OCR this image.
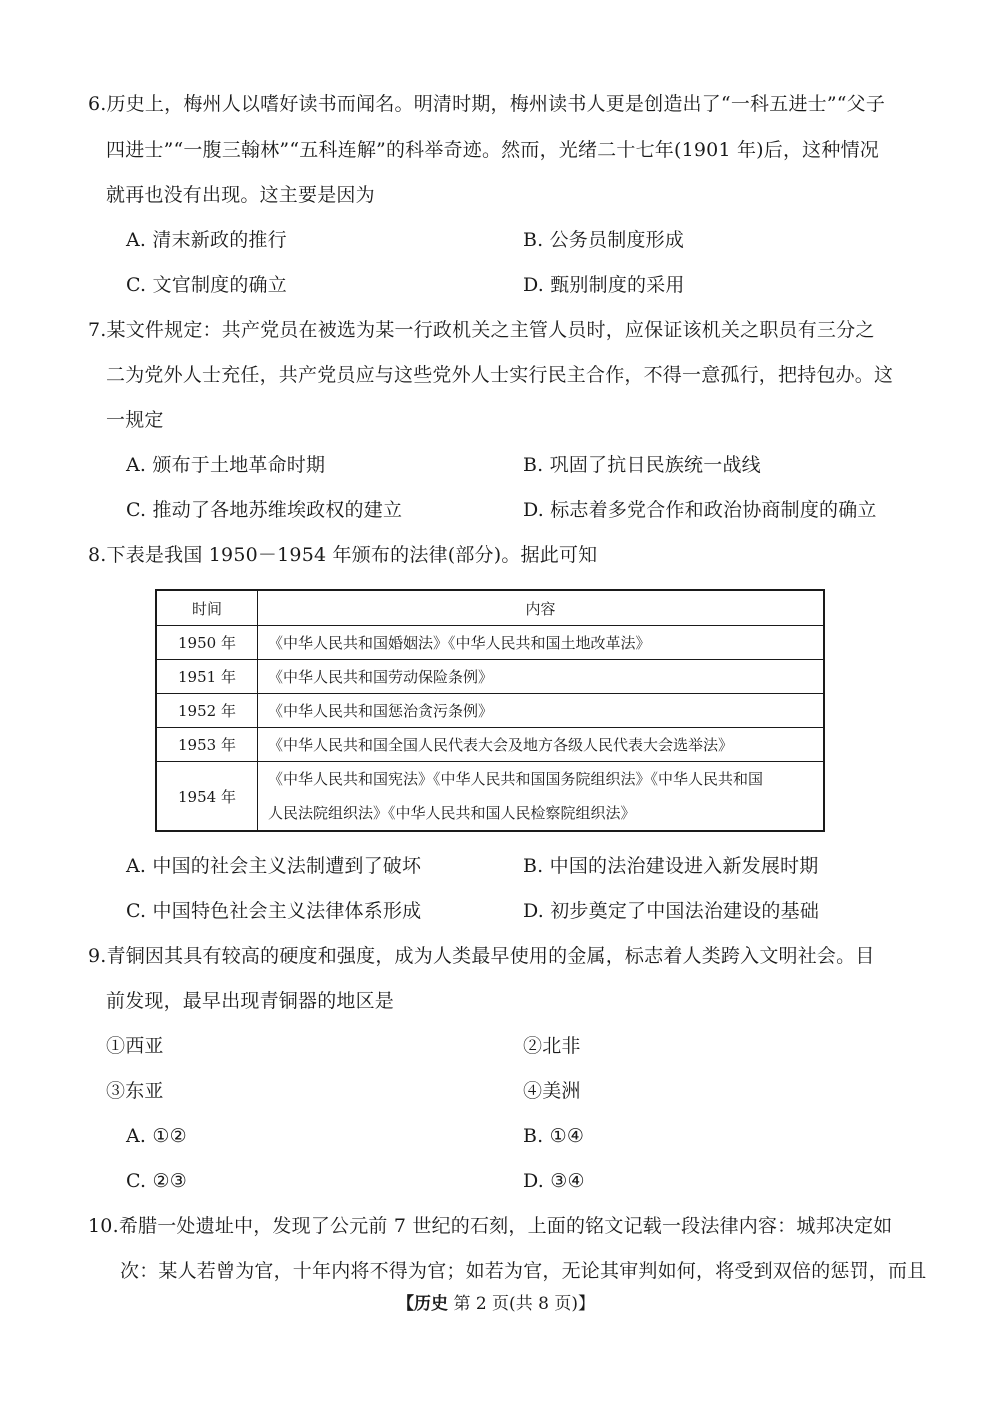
6.历史上，梅州人以嗜好读书而闻名。明清时期，梅州读书人更是创造出了“一科五进士”“父子
四进士”“一腹三翰林”“五科连解”的科举奇迹。然而，光绪二十七年(1901 年)后，这种情况
就再也没有出现。这主要是因为
A. 清末新政的推行	B. 公务员制度形成
C. 文官制度的确立	D. 甄别制度的采用
7.某文件规定：共产党员在被选为某一行政机关之主管人员时，应保证该机关之职员有三分之
二为党外人士充任，共产党员应与这些党外人士实行民主合作，不得一意孤行，把持包办。这
一规定
A. 颁布于土地革命时期	B. 巩固了抗日民族统一战线
C. 推动了各地苏维埃政权的建立	D. 标志着多党合作和政治协商制度的确立
8.下表是我国 1950－1954 年颁布的法律(部分)。据此可知
时间	内容
1950 年	《中华人民共和国婚姻法》《中华人民共和国土地改革法》
1951 年	《中华人民共和国劳动保险条例》
1952 年	《中华人民共和国惩治贪污条例》
1953 年	《中华人民共和国全国人民代表大会及地方各级人民代表大会选举法》
1954 年	《中华人民共和国宪法》《中华人民共和国国务院组织法》《中华人民共和国
人民法院组织法》《中华人民共和国人民检察院组织法》
A. 中国的社会主义法制遭到了破坏	B. 中国的法治建设进入新发展时期
C. 中国特色社会主义法律体系形成	D. 初步奠定了中国法治建设的基础
9.青铜因其具有较高的硬度和强度，成为人类最早使用的金属，标志着人类跨入文明社会。目
前发现，最早出现青铜器的地区是
①西亚	②北非
③东亚	④美洲
A. ①②	B. ①④
C. ②③	D. ③④
10.希腊一处遗址中，发现了公元前 7 世纪的石刻，上面的铭文记载一段法律内容：城邦决定如
次：某人若曾为官，十年内将不得为官；如若为官，无论其审判如何，将受到双倍的惩罚，而且
【历史 第 2 页(共 8 页)】
